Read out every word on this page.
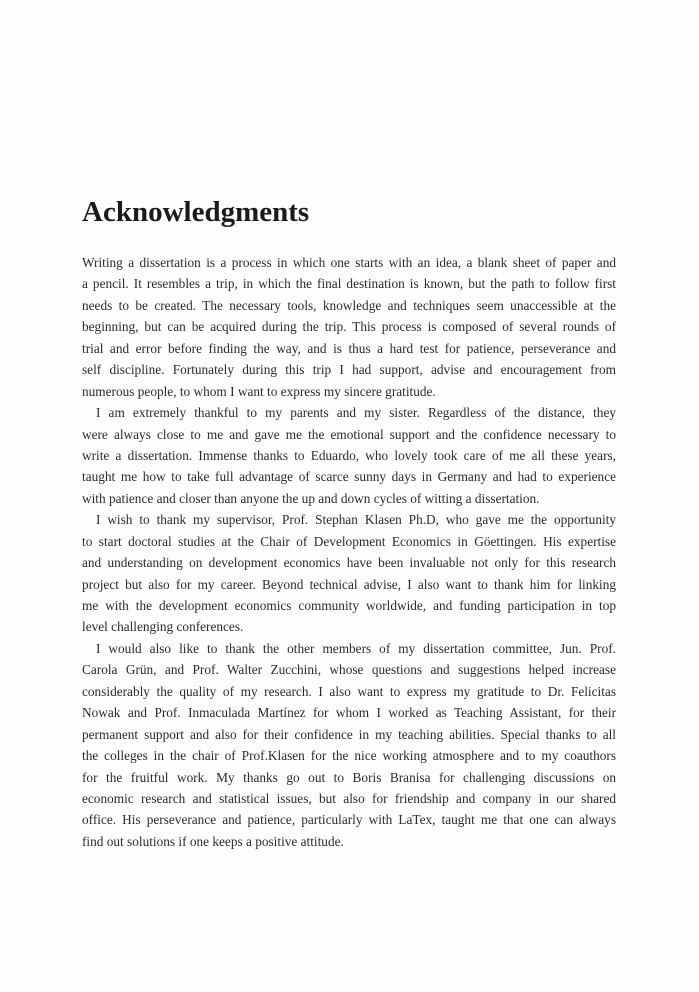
Acknowledgments
Writing a dissertation is a process in which one starts with an idea, a blank sheet of paper and
a pencil. It resembles a trip, in which the final destination is known, but the path to follow first
needs to be created. The necessary tools, knowledge and techniques seem unaccessible at the
beginning, but can be acquired during the trip. This process is composed of several rounds of
trial and error before finding the way, and is thus a hard test for patience, perseverance and
self discipline. Fortunately during this trip I had support, advise and encouragement from
numerous people, to whom I want to express my sincere gratitude.
I am extremely thankful to my parents and my sister. Regardless of the distance, they
were always close to me and gave me the emotional support and the confidence necessary to
write a dissertation. Immense thanks to Eduardo, who lovely took care of me all these years,
taught me how to take full advantage of scarce sunny days in Germany and had to experience
with patience and closer than anyone the up and down cycles of witting a dissertation.
I wish to thank my supervisor, Prof. Stephan Klasen Ph.D, who gave me the opportunity
to start doctoral studies at the Chair of Development Economics in Göettingen. His expertise
and understanding on development economics have been invaluable not only for this research
project but also for my career. Beyond technical advise, I also want to thank him for linking
me with the development economics community worldwide, and funding participation in top
level challenging conferences.
I would also like to thank the other members of my dissertation committee, Jun. Prof.
Carola Grün, and Prof. Walter Zucchini, whose questions and suggestions helped increase
considerably the quality of my research. I also want to express my gratitude to Dr. Felicitas
Nowak and Prof. Inmaculada Martínez for whom I worked as Teaching Assistant, for their
permanent support and also for their confidence in my teaching abilities. Special thanks to all
the colleges in the chair of Prof.Klasen for the nice working atmosphere and to my coauthors
for the fruitful work. My thanks go out to Boris Branisa for challenging discussions on
economic research and statistical issues, but also for friendship and company in our shared
office. His perseverance and patience, particularly with LaTex, taught me that one can always
find out solutions if one keeps a positive attitude.
